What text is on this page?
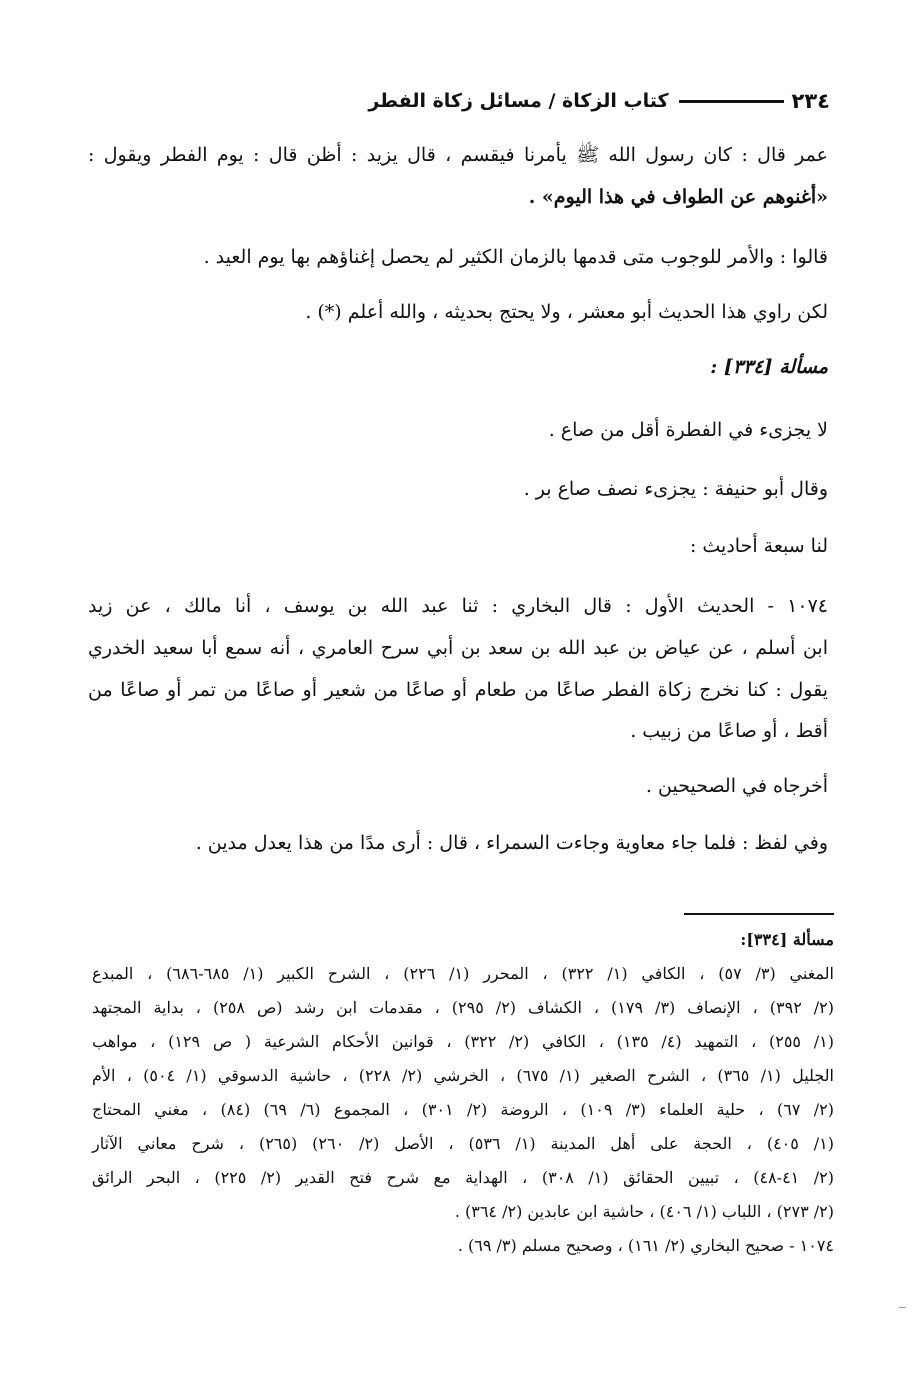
٢٣٤
كتاب الزكاة / مسائل زكاة الفطر
عمر قال : كان رسول الله ﷺ يأمرنا فيقسم ، قال يزيد : أظن قال : يوم الفطر ويقول :
«أغنوهم عن الطواف في هذا اليوم» .
قالوا : والأمر للوجوب متى قدمها بالزمان الكثير لم يحصل إغناؤهم بها يوم العيد .
لكن راوي هذا الحديث أبو معشر ، ولا يحتج بحديثه ، والله أعلم (*) .
مسألة [٣٣٤] :
لا يجزىء في الفطرة أقل من صاع .
وقال أبو حنيفة : يجزىء نصف صاع بر .
لنا سبعة أحاديث :
١٠٧٤ - الحديث الأول : قال البخاري : ثنا عبد الله بن يوسف ، أنا مالك ، عن زيد
ابن أسلم ، عن عياض بن عبد الله بن سعد بن أبي سرح العامري ، أنه سمع أبا سعيد الخدري
يقول : كنا نخرج زكاة الفطر صاعًا من طعام أو صاعًا من شعير أو صاعًا من تمر أو صاعًا من
أقط ، أو صاعًا من زبيب .
أخرجاه في الصحيحين .
وفي لفظ : فلما جاء معاوية وجاءت السمراء ، قال : أرى مدًا من هذا يعدل مدين .
مسألة [٣٣٤]:
المغني (٣/ ٥٧) ، الكافي (١/ ٣٢٢) ، المحرر (١/ ٢٢٦) ، الشرح الكبير (١/ ٦٨٥-٦٨٦) ، المبدع
(٢/ ٣٩٢) ، الإنصاف (٣/ ١٧٩) ، الكشاف (٢/ ٢٩٥) ، مقدمات ابن رشد (ص ٢٥٨) ، بداية المجتهد
(١/ ٢٥٥) ، التمهيد (٤/ ١٣٥) ، الكافي (٢/ ٣٢٢) ، قوانين الأحكام الشرعية ( ص ١٢٩) ، مواهب
الجليل (١/ ٣٦٥) ، الشرح الصغير (١/ ٦٧٥) ، الخرشي (٢/ ٢٢٨) ، حاشية الدسوقي (١/ ٥٠٤) ، الأم
(٢/ ٦٧) ، حلية العلماء (٣/ ١٠٩) ، الروضة (٢/ ٣٠١) ، المجموع (٦/ ٦٩) (٨٤) ، مغني المحتاج
(١/ ٤٠٥) ، الحجة على أهل المدينة (١/ ٥٣٦) ، الأصل (٢/ ٢٦٠) (٢٦٥) ، شرح معاني الآثار
(٢/ ٤١-٤٨) ، تبيين الحقائق (١/ ٣٠٨) ، الهداية مع شرح فتح القدير (٢/ ٢٢٥) ، البحر الرائق
(٢/ ٢٧٣) ، اللباب (١/ ٤٠٦) ، حاشية ابن عابدين (٢/ ٣٦٤) .
١٠٧٤ - صحيح البخاري (٢/ ١٦١) ، وصحيح مسلم (٣/ ٦٩) .
